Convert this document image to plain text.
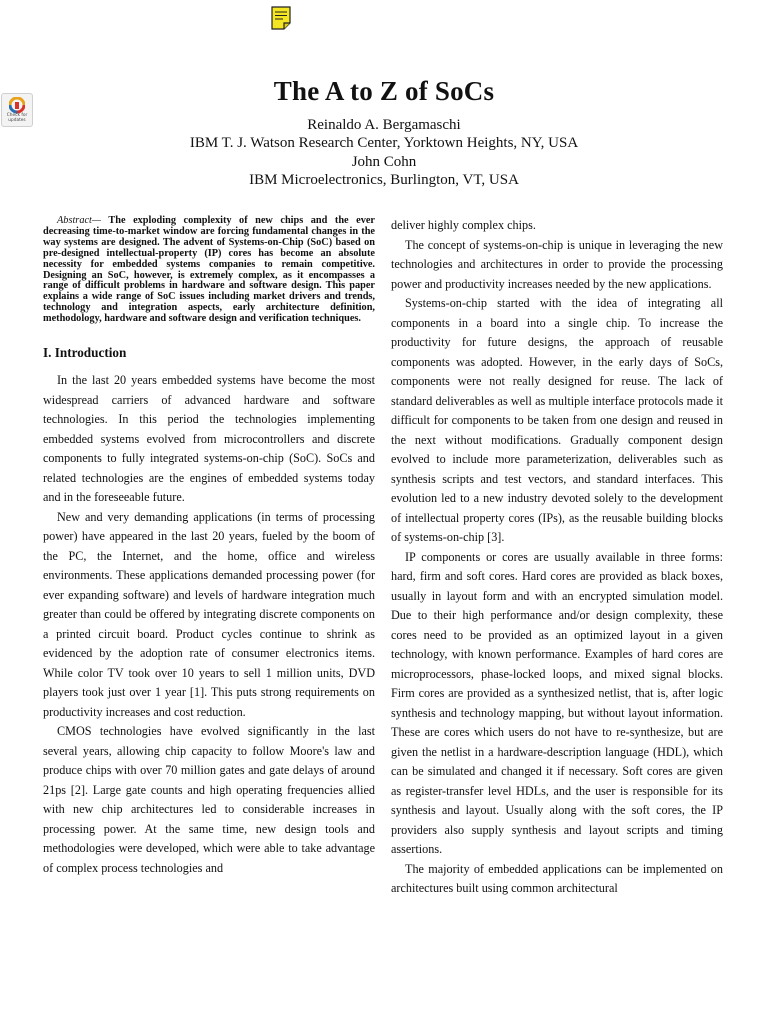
Check for
updates
The A to Z of SoCs
Reinaldo A. Bergamaschi
IBM T. J. Watson Research Center, Yorktown Heights, NY, USA
John Cohn
IBM Microelectronics, Burlington, VT, USA

Abstract— The exploding complexity of new chips and the ever decreasing time-to-market window are forcing fundamental changes in the way systems are designed. The advent of Systems-on-Chip (SoC) based on pre-designed intellectual-property (IP) cores has become an absolute necessity for embedded systems companies to remain competitive. Designing an SoC, however, is extremely complex, as it encompasses a range of difficult problems in hardware and software design. This paper explains a wide range of SoC issues including market drivers and trends, technology and integration aspects, early architecture definition, methodology, hardware and software design and verification techniques.

I. Introduction

In the last 20 years embedded systems have become the most widespread carriers of advanced hardware and software technologies. In this period the technologies implementing embedded systems evolved from microcontrollers and discrete components to fully integrated systems-on-chip (SoC). SoCs and related technologies are the engines of embedded systems today and in the foreseeable future.

New and very demanding applications (in terms of processing power) have appeared in the last 20 years, fueled by the boom of the PC, the Internet, and the home, office and wireless environments. These applications demanded processing power (for ever expanding software) and levels of hardware integration much greater than could be offered by integrating discrete components on a printed circuit board. Product cycles continue to shrink as evidenced by the adoption rate of consumer electronics items. While color TV took over 10 years to sell 1 million units, DVD players took just over 1 year [1]. This puts strong requirements on productivity increases and cost reduction.

CMOS technologies have evolved significantly in the last several years, allowing chip capacity to follow Moore's law and produce chips with over 70 million gates and gate delays of around 21ps [2]. Large gate counts and high operating frequencies allied with new chip architectures led to considerable increases in processing power. At the same time, new design tools and methodologies were developed, which were able to take advantage of complex process technologies and

deliver highly complex chips.

The concept of systems-on-chip is unique in leveraging the new technologies and architectures in order to provide the processing power and productivity increases needed by the new applications.

Systems-on-chip started with the idea of integrating all components in a board into a single chip. To increase the productivity for future designs, the approach of reusable components was adopted. However, in the early days of SoCs, components were not really designed for reuse. The lack of standard deliverables as well as multiple interface protocols made it difficult for components to be taken from one design and reused in the next without modifications. Gradually component design evolved to include more parameterization, deliverables such as synthesis scripts and test vectors, and standard interfaces. This evolution led to a new industry devoted solely to the development of intellectual property cores (IPs), as the reusable building blocks of systems-on-chip [3].

IP components or cores are usually available in three forms: hard, firm and soft cores. Hard cores are provided as black boxes, usually in layout form and with an encrypted simulation model. Due to their high performance and/or design complexity, these cores need to be provided as an optimized layout in a given technology, with known performance. Examples of hard cores are microprocessors, phase-locked loops, and mixed signal blocks. Firm cores are provided as a synthesized netlist, that is, after logic synthesis and technology mapping, but without layout information. These are cores which users do not have to re-synthesize, but are given the netlist in a hardware-description language (HDL), which can be simulated and changed it if necessary. Soft cores are given as register-transfer level HDLs, and the user is responsible for its synthesis and layout. Usually along with the soft cores, the IP providers also supply synthesis and layout scripts and timing assertions.

The majority of embedded applications can be implemented on architectures built using common architectural
